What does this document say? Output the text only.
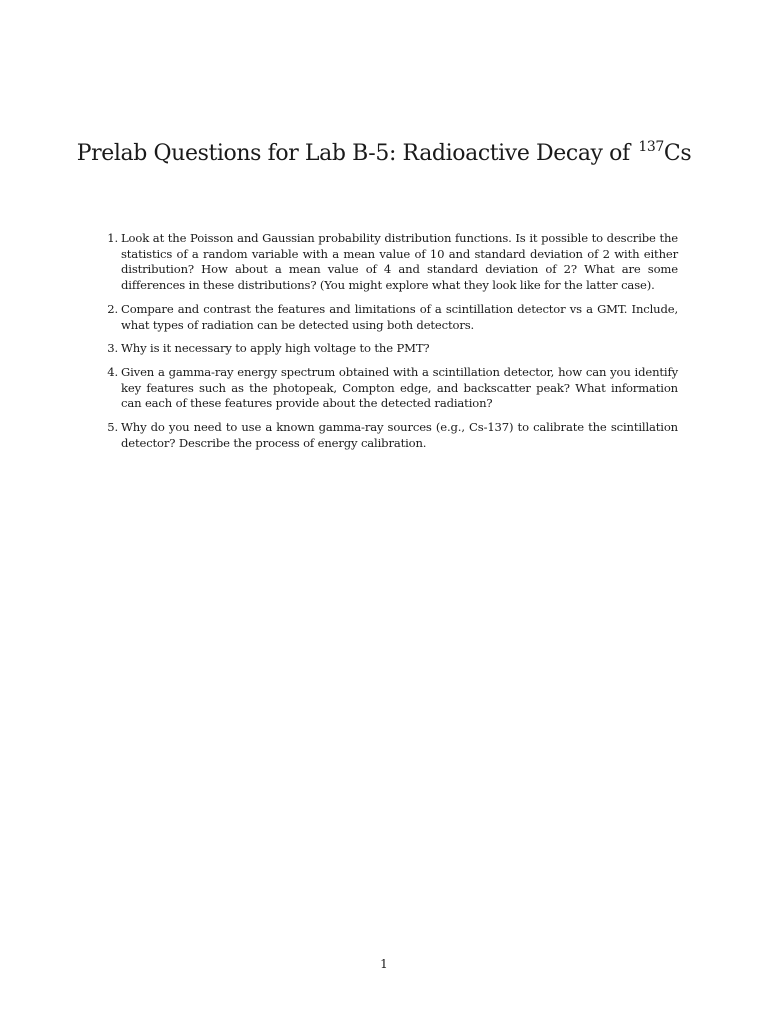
Prelab Questions for Lab B-5: Radioactive Decay of $^{137}$Cs
1. Look at the Poisson and Gaussian probability distribution functions. Is it possible to describe the statistics of a random variable with a mean value of 10 and standard deviation of 2 with either distribution? How about a mean value of 4 and standard deviation of 2? What are some differences in these distributions? (You might explore what they look like for the latter case).
2. Compare and contrast the features and limitations of a scintillation detector vs a GMT. Include, what types of radiation can be detected using both detectors.
3. Why is it necessary to apply high voltage to the PMT?
4. Given a gamma-ray energy spectrum obtained with a scintillation detector, how can you identify key features such as the photopeak, Compton edge, and backscatter peak? What information can each of these features provide about the detected radiation?
5. Why do you need to use a known gamma-ray sources (e.g., Cs-137) to calibrate the scintillation detector? Describe the process of energy calibration.
1
